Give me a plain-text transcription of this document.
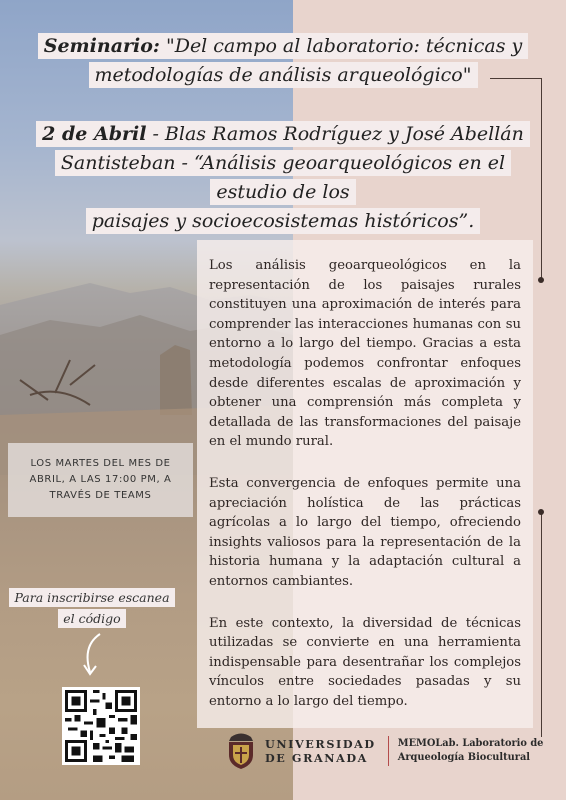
Seminario: "Del campo al laboratorio: técnicas y
metodologías de análisis arqueológico"
2 de Abril - Blas Ramos Rodríguez y José Abellán
Santisteban - “Análisis geoarqueológicos en el estudio de los
paisajes y socioecosistemas históricos”.

Los análisis geoarqueológicos en la representación de los paisajes rurales constituyen una aproximación de interés para comprender las interacciones humanas con su entorno a lo largo del tiempo. Gracias a esta metodología podemos confrontar enfoques desde diferentes escalas de aproximación y obtener una comprensión más completa y detallada de las transformaciones del paisaje en el mundo rural.

Esta convergencia de enfoques permite una apreciación holística de las prácticas agrícolas a lo largo del tiempo, ofreciendo insights valiosos para la representación de la historia humana y la adaptación cultural a entornos cambiantes.

En este contexto, la diversidad de técnicas utilizadas se convierte en una herramienta indispensable para desentrañar los complejos vínculos entre sociedades pasadas y su entorno a lo largo del tiempo.

LOS MARTES DEL MES DE
ABRIL, A LAS 17:00 PM, A
TRAVÉS DE TEAMS
Para inscribirse escanea el código
UNIVERSIDAD
DE GRANADA
MEMOLab. Laboratorio de
Arqueología Biocultural
